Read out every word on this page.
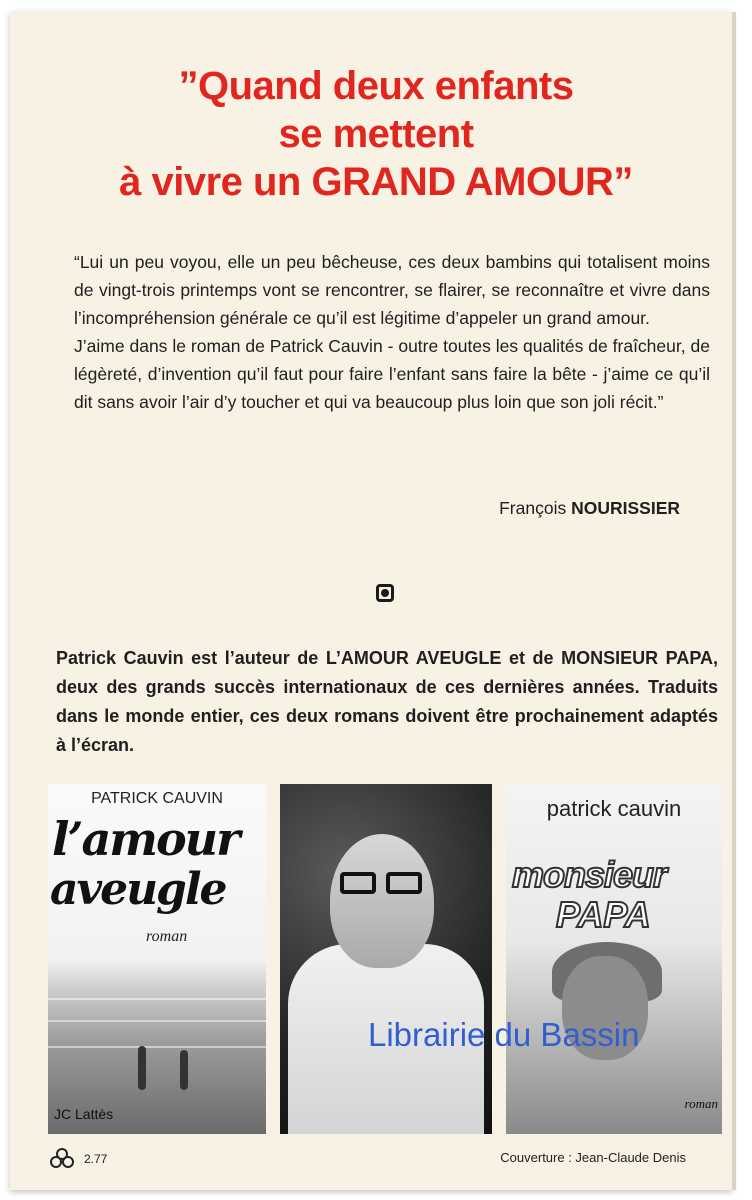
”Quand deux enfants
se mettent
à vivre un GRAND AMOUR”

“Lui un peu voyou, elle un peu bêcheuse, ces deux bambins qui totalisent moins de vingt-trois printemps vont se rencontrer, se flairer, se reconnaître et vivre dans l’incompréhension générale ce qu’il est légitime d’appeler un grand amour.

J’aime dans le roman de Patrick Cauvin - outre toutes les qualités de fraîcheur, de légèreté, d’invention qu’il faut pour faire l’enfant sans faire la bête - j’aime ce qu’il dit sans avoir l’air d’y toucher et qui va beaucoup plus loin que son joli récit.”

François NOURISSIER
Patrick Cauvin est l’auteur de L’AMOUR AVEUGLE et de MONSIEUR PAPA, deux des grands succès internationaux de ces dernières années. Traduits dans le monde entier, ces deux romans doivent être prochainement adaptés à l’écran.
PATRICK CAUVIN
l’amour
aveugle
roman
JC Lattès
patrick cauvin
monsieur
PAPA
roman
Librairie du Bassin
2.77	Couverture : Jean-Claude Denis
